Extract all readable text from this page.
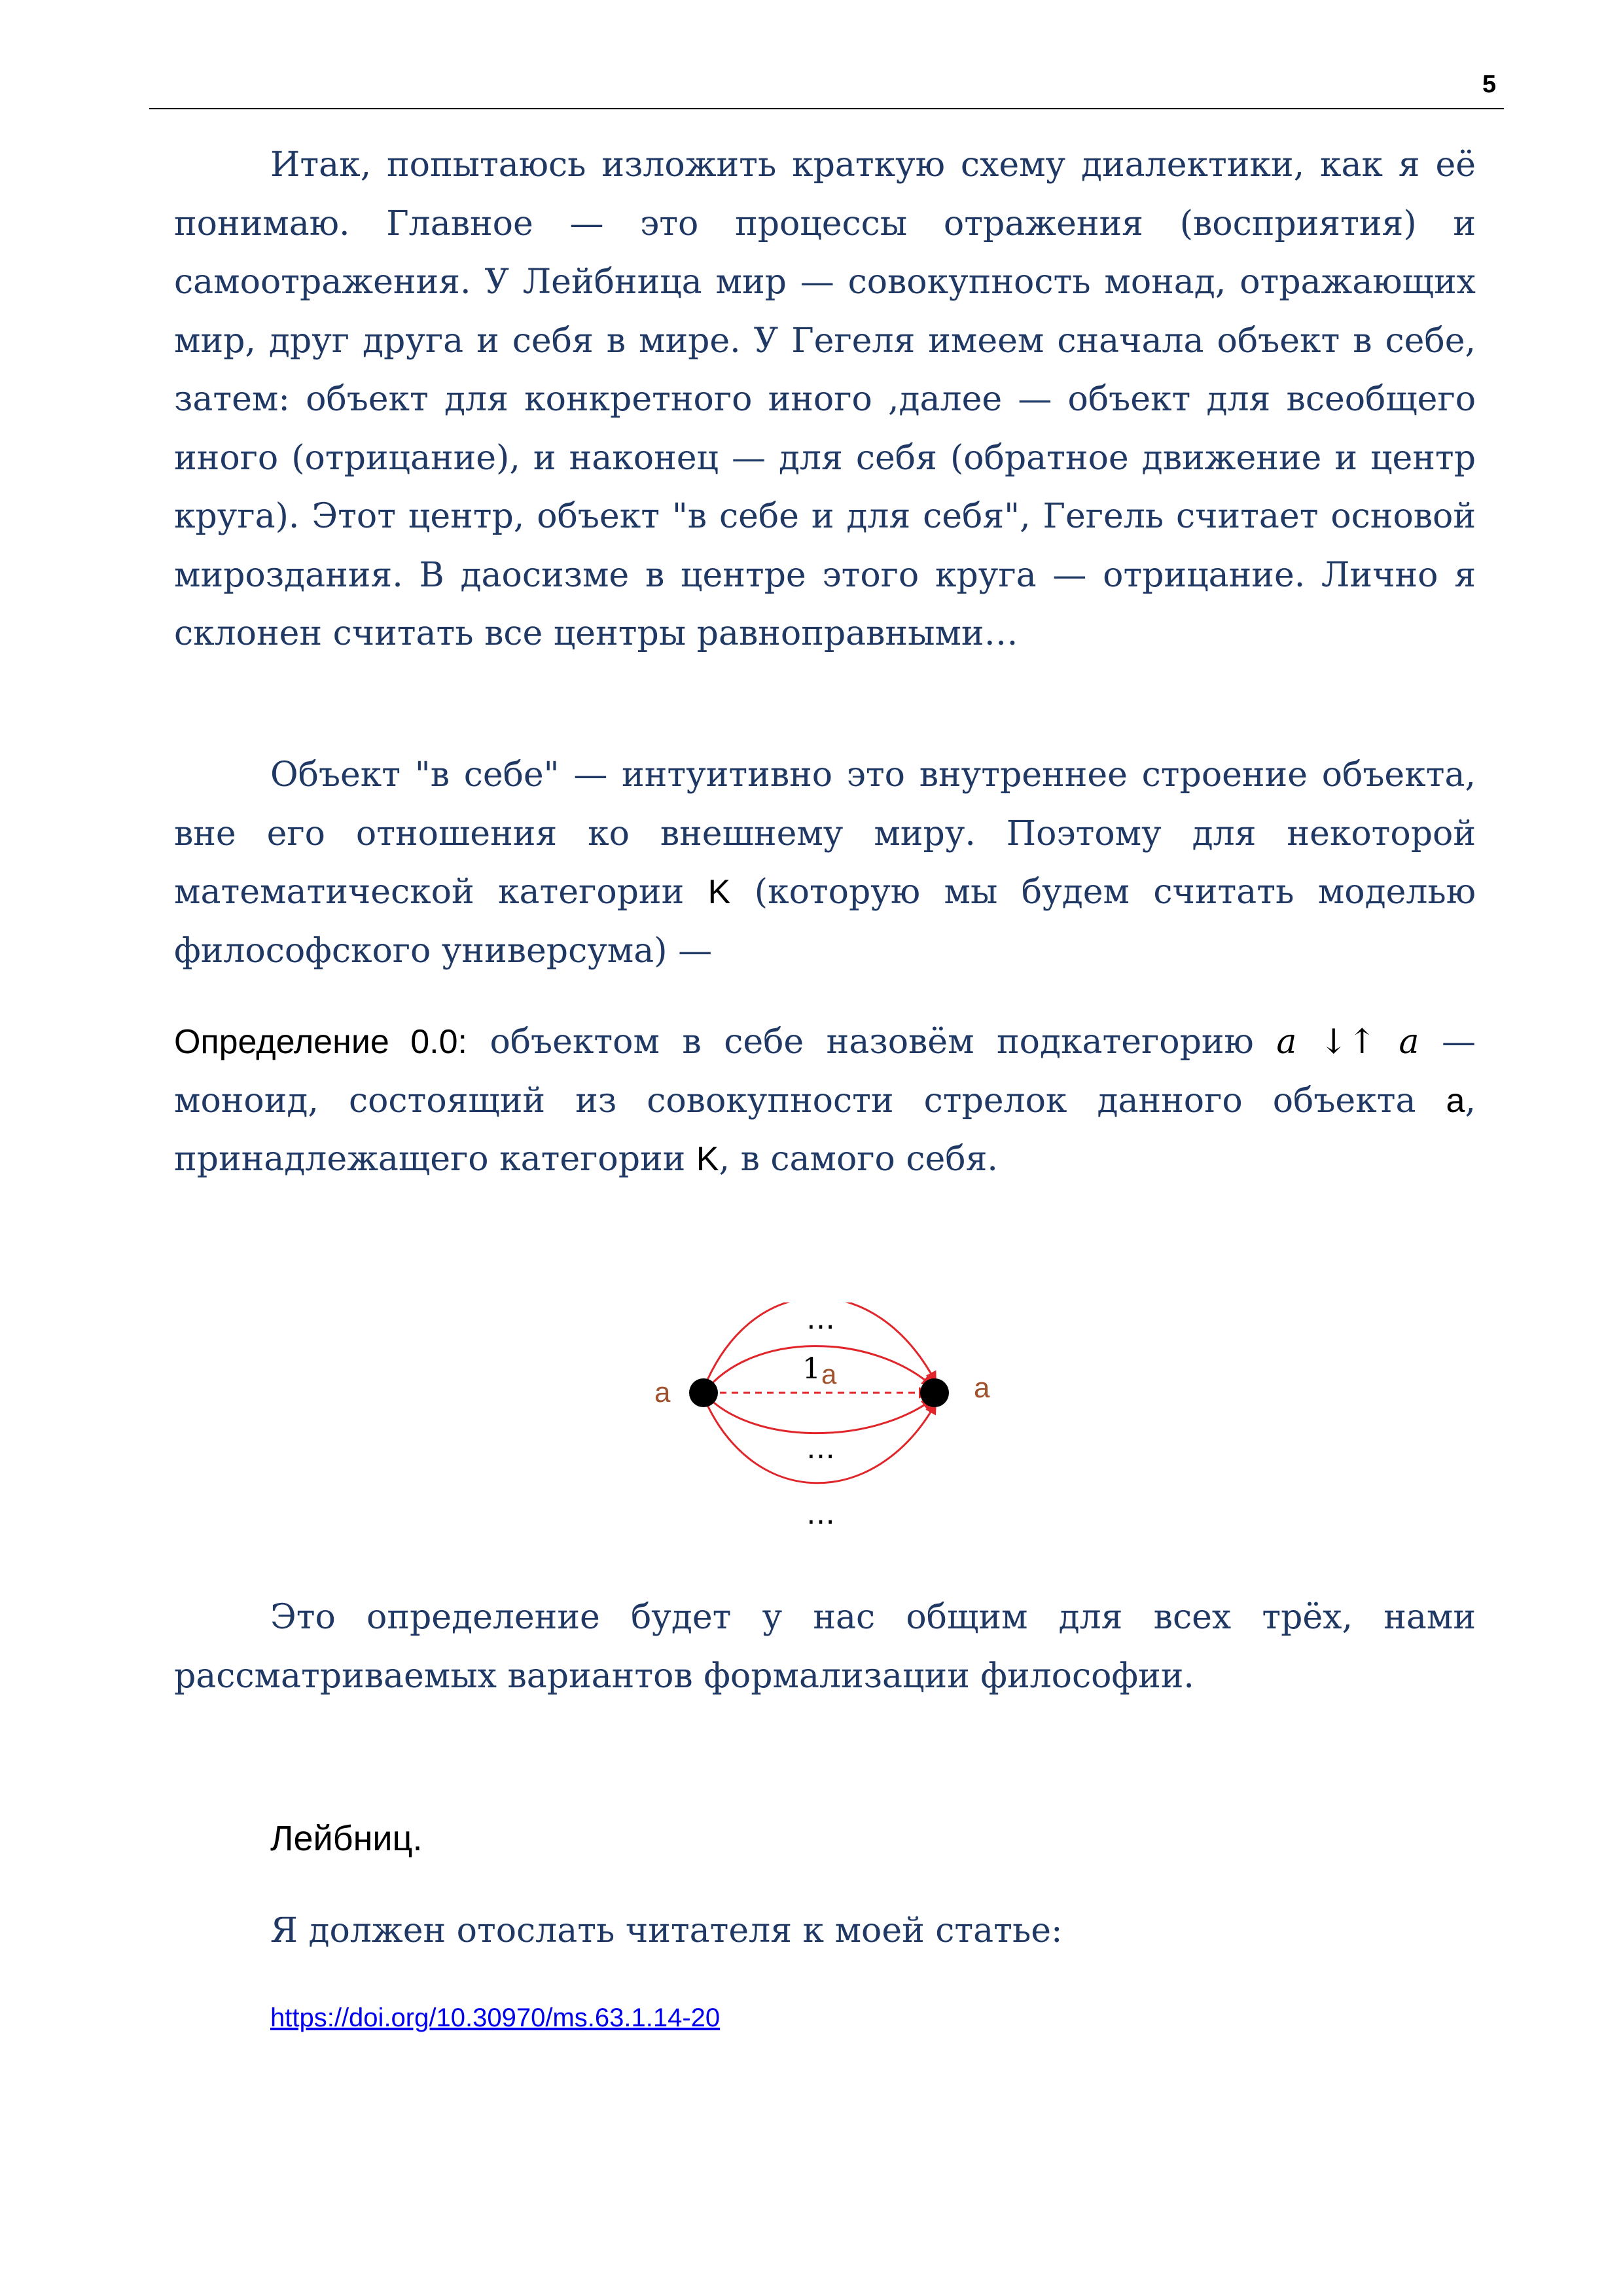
5

Итак, попытаюсь изложить краткую схему диалектики, как я её понимаю. Главное — это процессы отражения (восприятия) и самоотражения. У Лейбница мир — совокупность монад, отражающих мир, друг друга и себя в мире. У Гегеля имеем сначала объект в себе, затем: объект для конкретного иного ,далее — объект для всеобщего иного (отрицание), и наконец — для себя (обратное движение и центр круга). Этот центр, объект "в себе и для себя", Гегель считает основой мироздания. В даосизме в центре этого круга — отрицание. Лично я склонен считать все центры равноправными…

Объект "в себе" — интуитивно это внутреннее строение объекта, вне его отношения ко внешнему миру. Поэтому для некоторой математической категории K (которую мы будем считать моделью философского универсума) —

Определение 0.0: объектом в себе назовём подкатегорию a ↓↑ a — моноид, состоящий из совокупности стрелок данного объекта a, принадлежащего категории K, в самого себя.

a	a
…
1 a
…
…

Это определение будет у нас общим для всех трёх, нами рассматриваемых вариантов формализации философии.

Лейбниц.
Я должен отослать читателя к моей статье:
https://doi.org/10.30970/ms.63.1.14-20
